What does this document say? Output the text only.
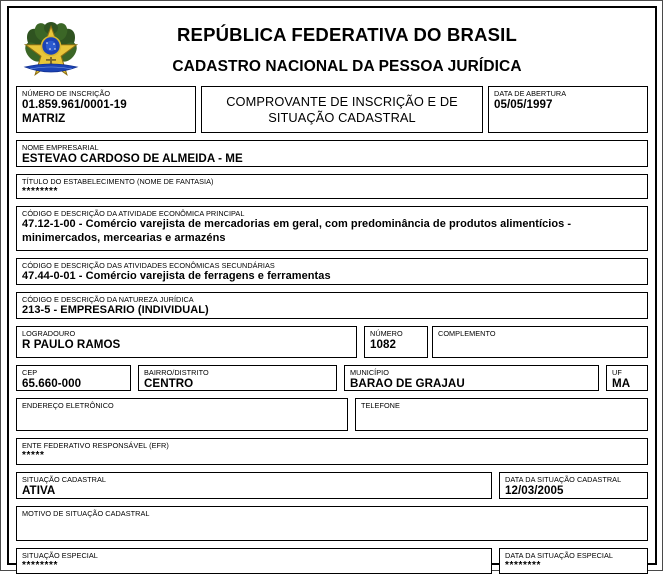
REPÚBLICA FEDERATIVA DO BRASIL
CADASTRO NACIONAL DA PESSOA JURÍDICA
NÚMERO DE INSCRIÇÃO
01.859.961/0001-19
MATRIZ
COMPROVANTE DE INSCRIÇÃO E DE
SITUAÇÃO CADASTRAL
DATA DE ABERTURA
05/05/1997
NOME EMPRESARIAL
ESTEVAO CARDOSO DE ALMEIDA - ME
TÍTULO DO ESTABELECIMENTO (NOME DE FANTASIA)
********
CÓDIGO E DESCRIÇÃO DA ATIVIDADE ECONÔMICA PRINCIPAL
47.12-1-00 - Comércio varejista de mercadorias em geral, com predominância de produtos alimentícios - minimercados, mercearias e armazéns
CÓDIGO E DESCRIÇÃO DAS ATIVIDADES ECONÔMICAS SECUNDÁRIAS
47.44-0-01 - Comércio varejista de ferragens e ferramentas
CÓDIGO E DESCRIÇÃO DA NATUREZA JURÍDICA
213-5 - EMPRESARIO (INDIVIDUAL)
LOGRADOURO
R PAULO RAMOS
NÚMERO
1082
COMPLEMENTO
CEP
65.660-000
BAIRRO/DISTRITO
CENTRO
MUNICÍPIO
BARAO DE GRAJAU
UF
MA
ENDEREÇO ELETRÔNICO	TELEFONE
ENTE FEDERATIVO RESPONSÁVEL (EFR)
*****
SITUAÇÃO CADASTRAL
ATIVA
DATA DA SITUAÇÃO CADASTRAL
12/03/2005
MOTIVO DE SITUAÇÃO CADASTRAL
SITUAÇÃO ESPECIAL
********
DATA DA SITUAÇÃO ESPECIAL
********
